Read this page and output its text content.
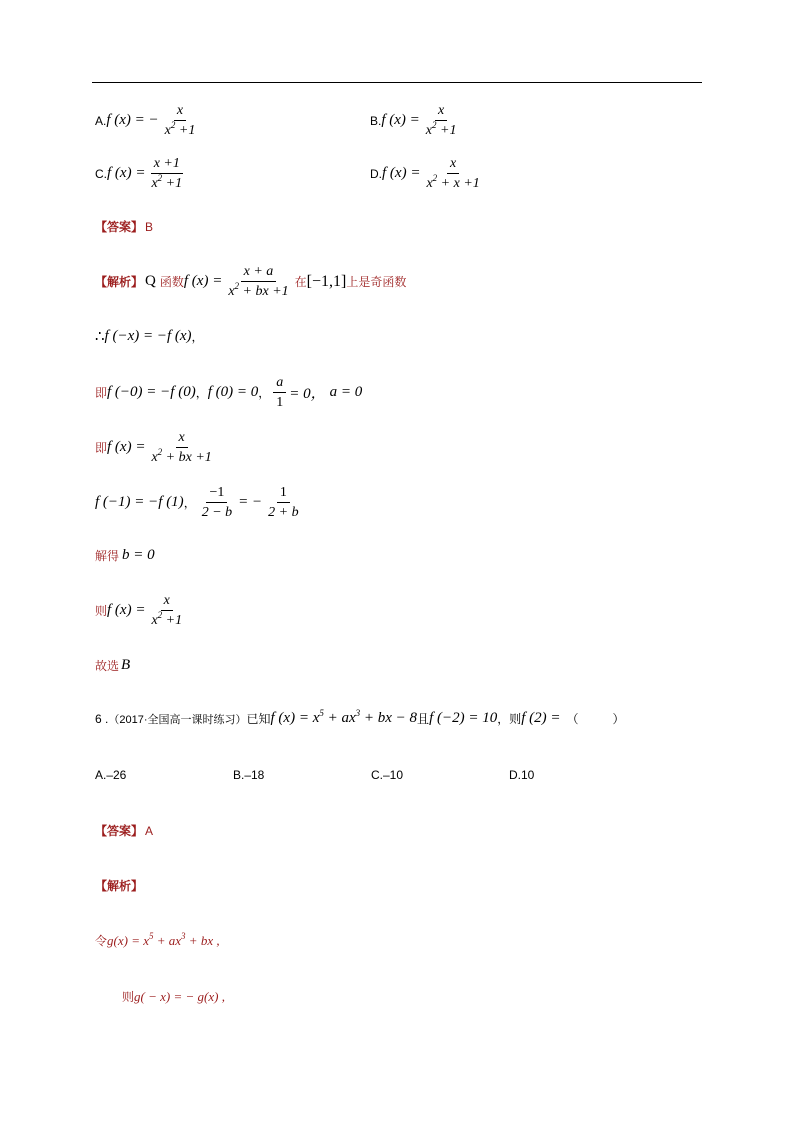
A. f (x) = − $\frac{x}{x^2 +1}$	B. f $(x) = \frac{x}{x^2 +1}$
C. f $(x) = \frac{x +1}{x^2 +1}$	D. f $(x) = \frac{x}{x^2 + x +1}$
【答案】 B
【解析】 Q 函数 f $(x) = \frac{x + a}{x^2 + bx +1}$ 在 [−1,1] 上是奇函数
∴ f (−x) = −f (x) ，
即 f (−0) = −f (0) ， f (0) = 0 ， $\frac{a}{1} = 0$， a = 0
即 f $(x) = \frac{x}{x^2 + bx +1}$
f (−1) = −f (1) ， $\frac{-1}{2 - b}$ = − $\frac{1}{2 + b}$
解得 b = 0
则 f $(x) = \frac{x}{x^2 +1}$
故选 B
6 . （2017·全国高一课时练习） 已知 f $(x) = x^5 + ax^3$ + bx − 8 且 f (−2) = 10 ，则 f (2) = （	）
A.–26	B.–18	C.–10	D.10
【答案】 A
【解析】
令 $g(x) = x^5 + ax^3$ + bx ,
则 g( − x) = − g(x) ,
